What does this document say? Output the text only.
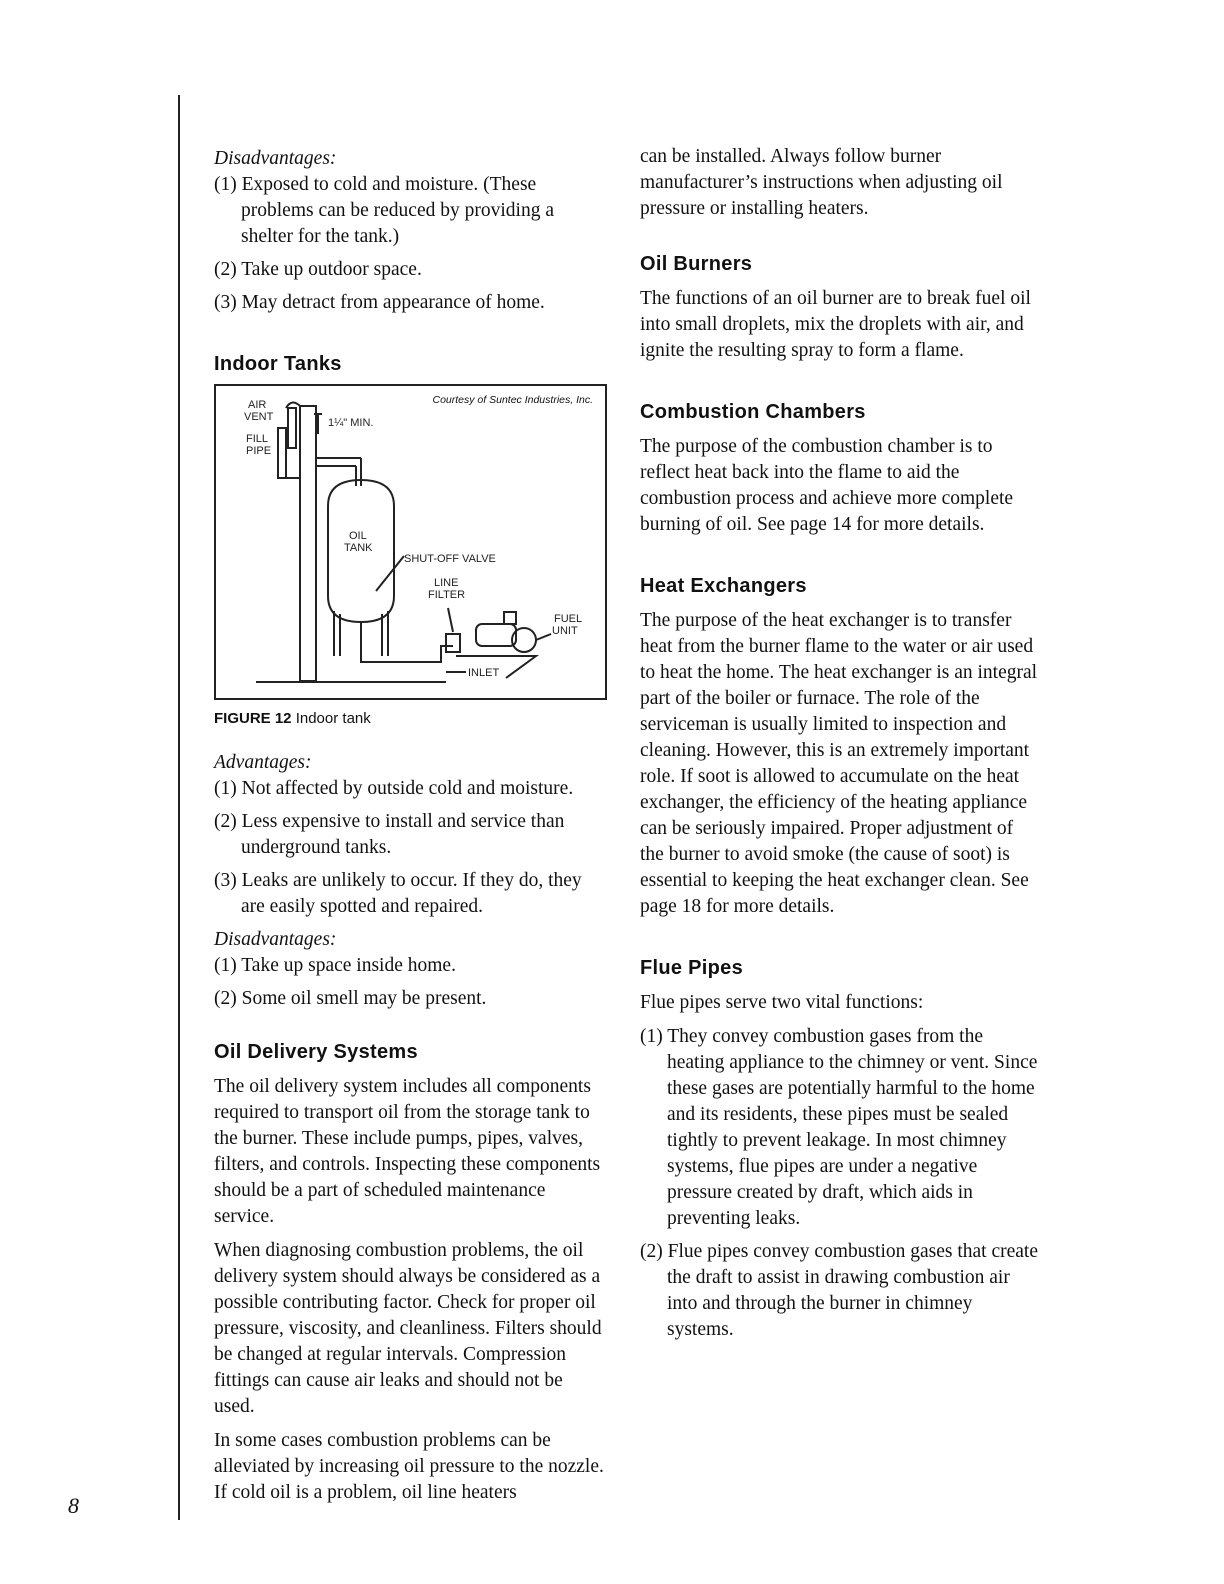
8
Disadvantages:
(1) Exposed to cold and moisture. (These problems can be reduced by providing a shelter for the tank.)
(2) Take up outdoor space.
(3) May detract from appearance of home.
Indoor Tanks
AIR
VENT	1¼" MIN.
FILL
PIPE
OIL
TANK
SHUT-OFF VALVE
LINE
FILTER
FUEL
UNIT
INLET
Courtesy of Suntec Industries, Inc.
FIGURE 12 Indoor tank
Advantages:
(1) Not affected by outside cold and moisture.
(2) Less expensive to install and service than underground tanks.
(3) Leaks are unlikely to occur. If they do, they are easily spotted and repaired.
Disadvantages:
(1) Take up space inside home.
(2) Some oil smell may be present.
Oil Delivery Systems

The oil delivery system includes all components required to transport oil from the storage tank to the burner. These include pumps, pipes, valves, filters, and controls. Inspecting these components should be a part of scheduled maintenance service.

When diagnosing combustion problems, the oil delivery system should always be considered as a possible contributing factor. Check for proper oil pressure, viscosity, and cleanliness. Filters should be changed at regular intervals. Compression fittings can cause air leaks and should not be used.

In some cases combustion problems can be alleviated by increasing oil pressure to the nozzle. If cold oil is a problem, oil line heaters

can be installed. Always follow burner manufacturer’s instructions when adjusting oil pressure or installing heaters.

Oil Burners

The functions of an oil burner are to break fuel oil into small droplets, mix the droplets with air, and ignite the resulting spray to form a flame.

Combustion Chambers

The purpose of the combustion chamber is to reflect heat back into the flame to aid the combustion process and achieve more complete burning of oil. See page 14 for more details.

Heat Exchangers

The purpose of the heat exchanger is to transfer heat from the burner flame to the water or air used to heat the home. The heat exchanger is an integral part of the boiler or furnace. The role of the serviceman is usually limited to inspection and cleaning. However, this is an extremely important role. If soot is allowed to accumulate on the heat exchanger, the efficiency of the heating appliance can be seriously impaired. Proper adjustment of the burner to avoid smoke (the cause of soot) is essential to keeping the heat exchanger clean. See page 18 for more details.

Flue Pipes

Flue pipes serve two vital functions:

(1) They convey combustion gases from the heating appliance to the chimney or vent. Since these gases are potentially harmful to the home and its residents, these pipes must be sealed tightly to prevent leakage. In most chimney systems, flue pipes are under a negative pressure created by draft, which aids in preventing leaks.
(2) Flue pipes convey combustion gases that create the draft to assist in drawing combustion air into and through the burner in chimney systems.
